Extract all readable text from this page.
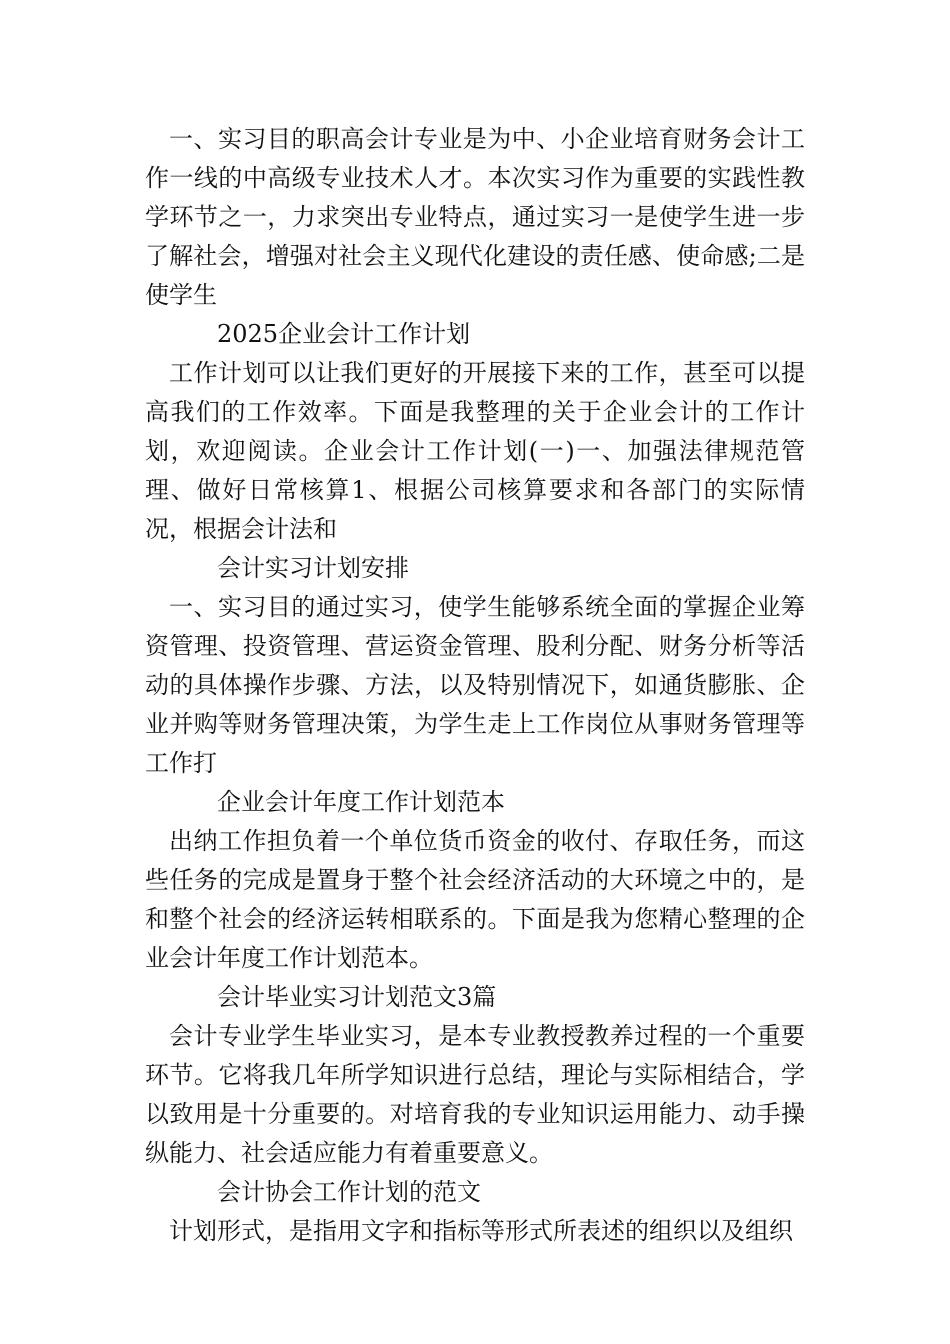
一、实习目的职高会计专业是为中、小企业培育财务会计工作一线的中高级专业技术人才。本次实习作为重要的实践性教学环节之一，力求突出专业特点，通过实习一是使学生进一步了解社会，增强对社会主义现代化建设的责任感、使命感;二是使学生

2025企业会计工作计划

工作计划可以让我们更好的开展接下来的工作，甚至可以提高我们的工作效率。下面是我整理的关于企业会计的工作计划，欢迎阅读。企业会计工作计划(一)一、加强法律规范管理、做好日常核算1、根据公司核算要求和各部门的实际情况，根据会计法和

会计实习计划安排

一、实习目的通过实习，使学生能够系统全面的掌握企业筹资管理、投资管理、营运资金管理、股利分配、财务分析等活动的具体操作步骤、方法，以及特别情况下，如通货膨胀、企业并购等财务管理决策，为学生走上工作岗位从事财务管理等工作打

企业会计年度工作计划范本

出纳工作担负着一个单位货币资金的收付、存取任务，而这些任务的完成是置身于整个社会经济活动的大环境之中的，是和整个社会的经济运转相联系的。下面是我为您精心整理的企业会计年度工作计划范本。

会计毕业实习计划范文3篇

会计专业学生毕业实习，是本专业教授教养过程的一个重要环节。它将我几年所学知识进行总结，理论与实际相结合，学以致用是十分重要的。对培育我的专业知识运用能力、动手操纵能力、社会适应能力有着重要意义。

会计协会工作计划的范文

计划形式，是指用文字和指标等形式所表述的组织以及组织
